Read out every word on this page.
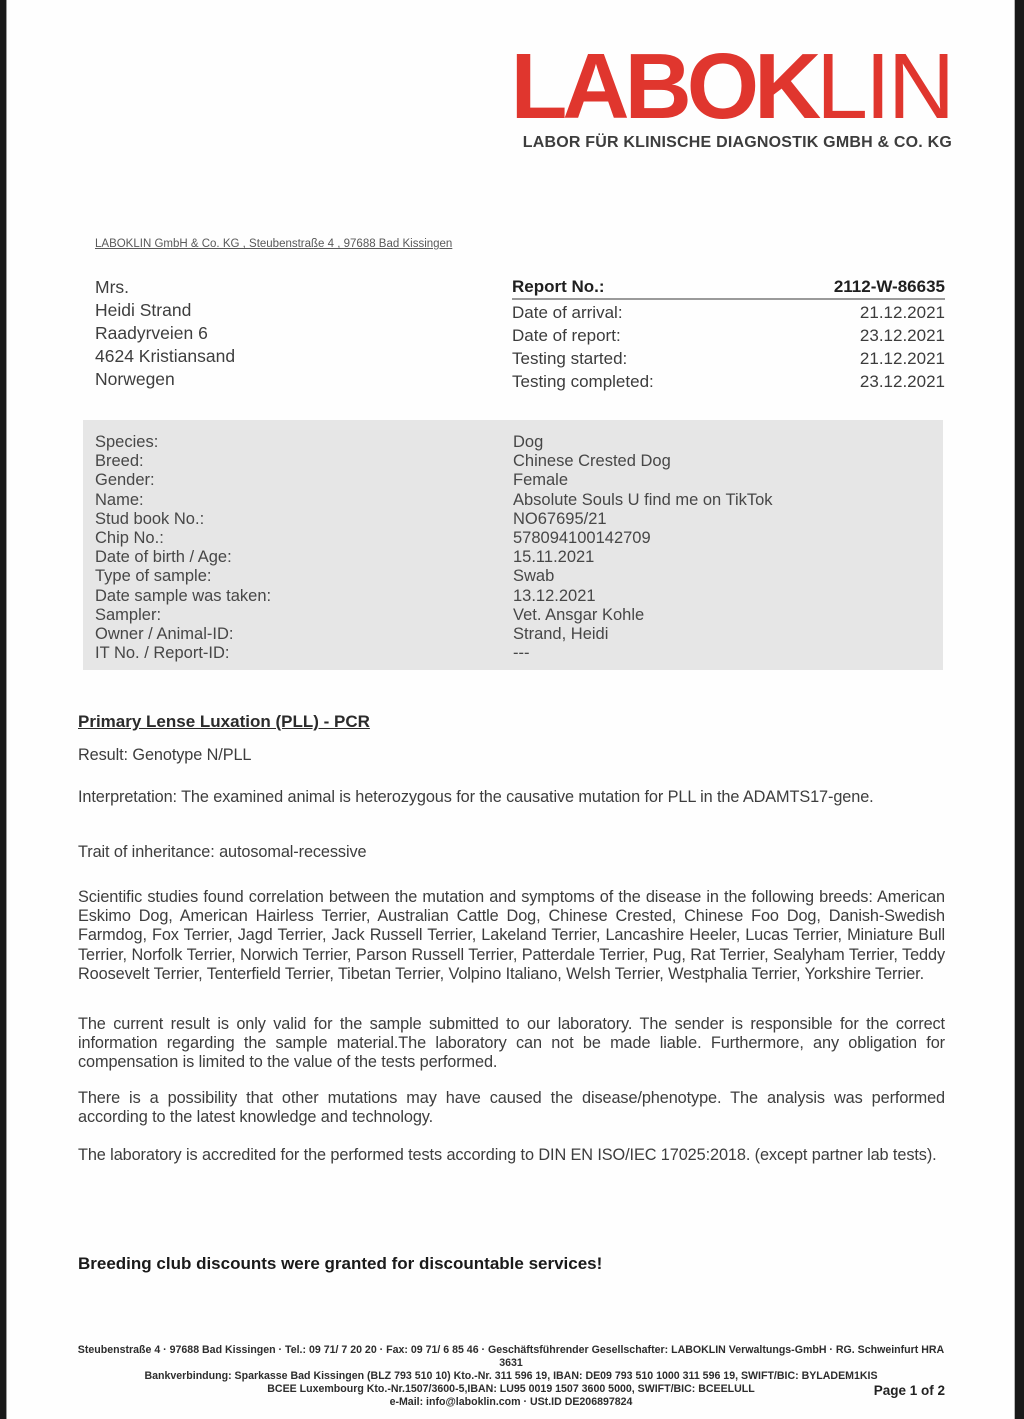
LABOKLIN
LABOR FÜR KLINISCHE DIAGNOSTIK GMBH & CO. KG
LABOKLIN GmbH & Co. KG , Steubenstraße 4 , 97688 Bad Kissingen
Mrs.
Heidi Strand
Raadyrveien 6
4624 Kristiansand
Norwegen
Report No.:	2112-W-86635
Date of arrival:	21.12.2021
Date of report:	23.12.2021
Testing started:	21.12.2021
Testing completed:	23.12.2021
Species:	Dog
Breed:	Chinese Crested Dog
Gender:	Female
Name:	Absolute Souls U find me on TikTok
Stud book No.:	NO67695/21
Chip No.:	578094100142709
Date of birth / Age:	15.11.2021
Type of sample:	Swab
Date sample was taken:	13.12.2021
Sampler:	Vet. Ansgar Kohle
Owner / Animal-ID:	Strand, Heidi
IT No. / Report-ID:	---
Primary Lense Luxation (PLL) - PCR
Result: Genotype N/PLL
Interpretation: The examined animal is heterozygous for the causative mutation for PLL in the ADAMTS17-gene.
Trait of inheritance: autosomal-recessive
Scientific studies found correlation between the mutation and symptoms of the disease in the following breeds: American Eskimo Dog, American Hairless Terrier, Australian Cattle Dog, Chinese Crested, Chinese Foo Dog, Danish-Swedish Farmdog, Fox Terrier, Jagd Terrier, Jack Russell Terrier, Lakeland Terrier, Lancashire Heeler, Lucas Terrier, Miniature Bull Terrier, Norfolk Terrier, Norwich Terrier, Parson Russell Terrier, Patterdale Terrier, Pug, Rat Terrier, Sealyham Terrier, Teddy Roosevelt Terrier, Tenterfield Terrier, Tibetan Terrier, Volpino Italiano, Welsh Terrier, Westphalia Terrier, Yorkshire Terrier.
The current result is only valid for the sample submitted to our laboratory. The sender is responsible for the correct information regarding the sample material.The laboratory can not be made liable. Furthermore, any obligation for compensation is limited to the value of the tests performed.
There is a possibility that other mutations may have caused the disease/phenotype. The analysis was performed according to the latest knowledge and technology.
The laboratory is accredited for the performed tests according to DIN EN ISO/IEC 17025:2018. (except partner lab tests).
Breeding club discounts were granted for discountable services!
Steubenstraße 4 · 97688 Bad Kissingen · Tel.: 09 71/ 7 20 20 · Fax: 09 71/ 6 85 46 · Geschäftsführender Gesellschafter: LABOKLIN Verwaltungs-GmbH · RG. Schweinfurt HRA 3631
Bankverbindung: Sparkasse Bad Kissingen (BLZ 793 510 10) Kto.-Nr. 311 596 19, IBAN: DE09 793 510 1000 311 596 19, SWIFT/BIC: BYLADEM1KIS
BCEE Luxembourg Kto.-Nr.1507/3600-5,IBAN: LU95 0019 1507 3600 5000, SWIFT/BIC: BCEELULL
e-Mail: info@laboklin.com · USt.ID DE206897824
Page 1 of 2
